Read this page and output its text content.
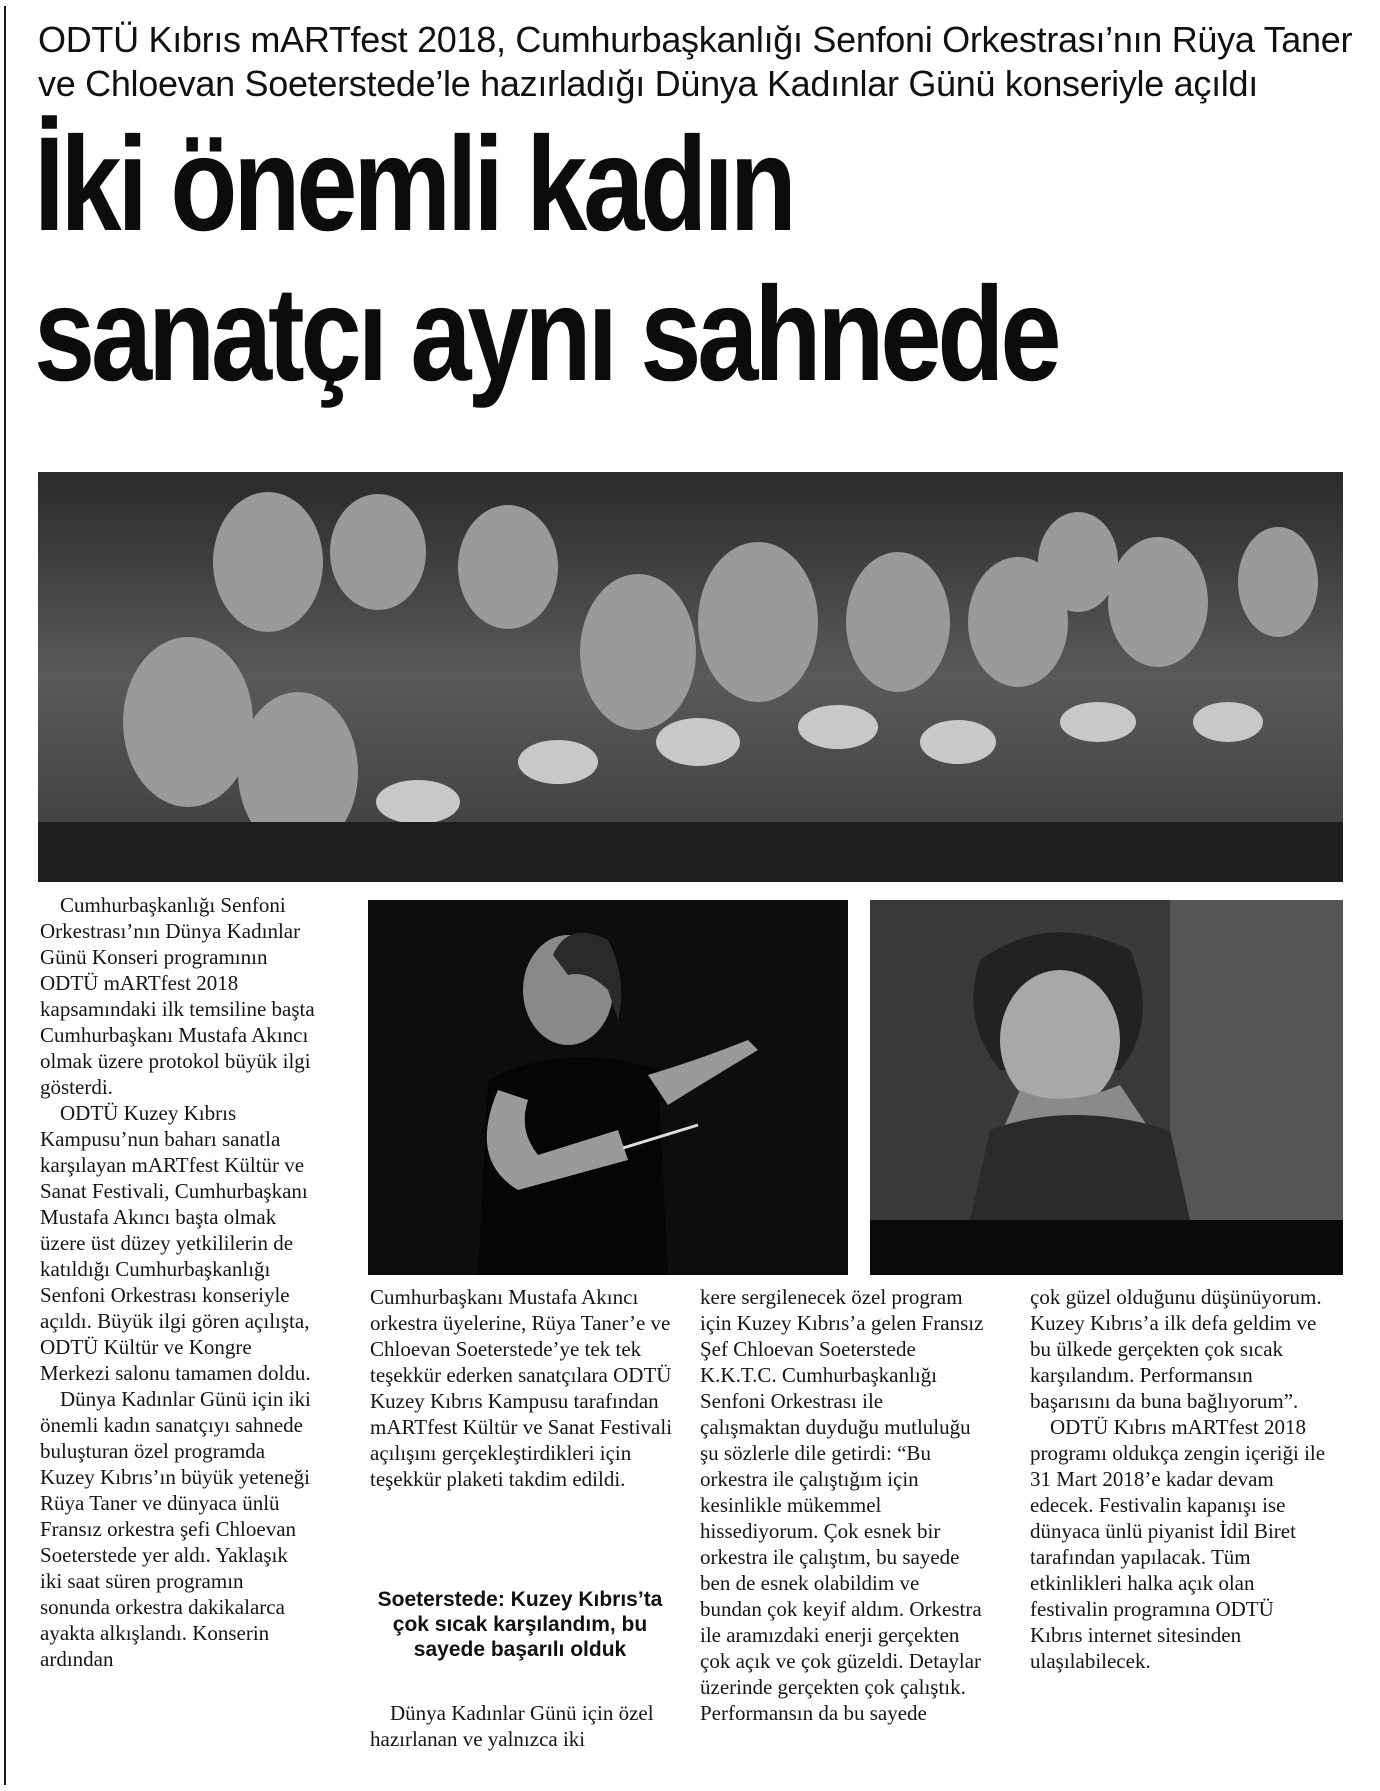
ODTÜ Kıbrıs mARTfest 2018, Cumhurbaşkanlığı Senfoni Orkestrası’nın Rüya Taner
ve Chloevan Soeterstede’le hazırladığı Dünya Kadınlar Günü konseriyle açıldı
İki önemli kadın
sanatçı aynı sahnede

Cumhurbaşkanlığı Senfoni Orkestrası’nın Dünya Kadınlar Günü Konseri programının ODTÜ mARTfest 2018 kapsamındaki ilk temsiline başta Cumhurbaşkanı Mustafa Akıncı olmak üzere protokol büyük ilgi gösterdi.

ODTÜ Kuzey Kıbrıs Kampusu’nun baharı sanatla karşılayan mARTfest Kültür ve Sanat Festivali, Cumhurbaşkanı Mustafa Akıncı başta olmak üzere üst düzey yetkililerin de katıldığı Cumhurbaşkanlığı Senfoni Orkestrası konseriyle açıldı. Büyük ilgi gören açılışta, ODTÜ Kültür ve Kongre Merkezi salonu tamamen doldu.

Dünya Kadınlar Günü için iki önemli kadın sanatçıyı sahnede buluşturan özel programda Kuzey Kıbrıs’ın büyük yeteneği Rüya Taner ve dünyaca ünlü Fransız orkestra şefi Chloevan Soeterstede yer aldı. Yaklaşık iki saat süren programın sonunda orkestra dakikalarca ayakta alkışlandı. Konserin ardından

Cumhurbaşkanı Mustafa Akıncı orkestra üyelerine, Rüya Taner’e ve Chloevan Soeterstede’ye tek tek teşekkür ederken sanatçılara ODTÜ Kuzey Kıbrıs Kampusu tarafından mARTfest Kültür ve Sanat Festivali açılışını gerçekleştirdikleri için teşekkür plaketi takdim edildi.

Soeterstede: Kuzey Kıbrıs’ta çok sıcak karşılandım, bu sayede başarılı olduk

Dünya Kadınlar Günü için özel hazırlanan ve yalnızca iki

kere sergilenecek özel program için Kuzey Kıbrıs’a gelen Fransız Şef Chloevan Soeterstede K.K.T.C. Cumhurbaşkanlığı Senfoni Orkestrası ile çalışmaktan duyduğu mutluluğu şu sözlerle dile getirdi: “Bu orkestra ile çalıştığım için kesinlikle mükemmel hissediyorum. Çok esnek bir orkestra ile çalıştım, bu sayede ben de esnek olabildim ve bundan çok keyif aldım. Orkestra ile aramızdaki enerji gerçekten çok açık ve çok güzeldi. Detaylar üzerinde gerçekten çok çalıştık. Performansın da bu sayede

çok güzel olduğunu düşünüyorum. Kuzey Kıbrıs’a ilk defa geldim ve bu ülkede gerçekten çok sıcak karşılandım. Performansın başarısını da buna bağlıyorum”.

ODTÜ Kıbrıs mARTfest 2018 programı oldukça zengin içeriği ile 31 Mart 2018’e kadar devam edecek. Festivalin kapanışı ise dünyaca ünlü piyanist İdil Biret tarafından yapılacak. Tüm etkinlikleri halka açık olan festivalin programına ODTÜ Kıbrıs internet sitesinden ulaşılabilecek.
